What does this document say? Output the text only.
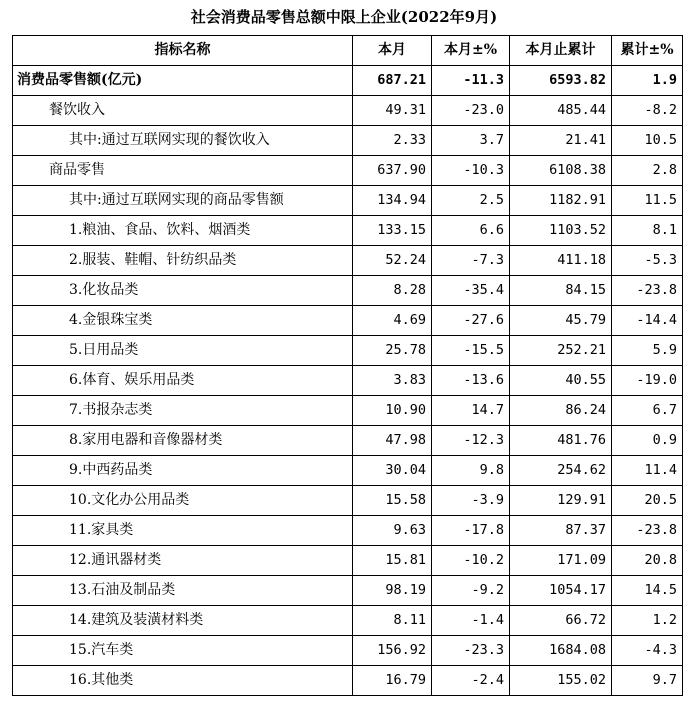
社会消费品零售总额中限上企业(2022年9月)
指标名称	本月	本月±%	本月止累计	累计±%
消费品零售额(亿元)	687.21	-11.3	6593.82	1.9
餐饮收入	49.31	-23.0	485.44	-8.2
其中:通过互联网实现的餐饮收入	2.33	3.7	21.41	10.5
商品零售	637.90	-10.3	6108.38	2.8
其中:通过互联网实现的商品零售额	134.94	2.5	1182.91	11.5
1.粮油、食品、饮料、烟酒类	133.15	6.6	1103.52	8.1
2.服装、鞋帽、针纺织品类	52.24	-7.3	411.18	-5.3
3.化妆品类	8.28	-35.4	84.15	-23.8
4.金银珠宝类	4.69	-27.6	45.79	-14.4
5.日用品类	25.78	-15.5	252.21	5.9
6.体育、娱乐用品类	3.83	-13.6	40.55	-19.0
7.书报杂志类	10.90	14.7	86.24	6.7
8.家用电器和音像器材类	47.98	-12.3	481.76	0.9
9.中西药品类	30.04	9.8	254.62	11.4
10.文化办公用品类	15.58	-3.9	129.91	20.5
11.家具类	9.63	-17.8	87.37	-23.8
12.通讯器材类	15.81	-10.2	171.09	20.8
13.石油及制品类	98.19	-9.2	1054.17	14.5
14.建筑及装潢材料类	8.11	-1.4	66.72	1.2
15.汽车类	156.92	-23.3	1684.08	-4.3
16.其他类	16.79	-2.4	155.02	9.7
